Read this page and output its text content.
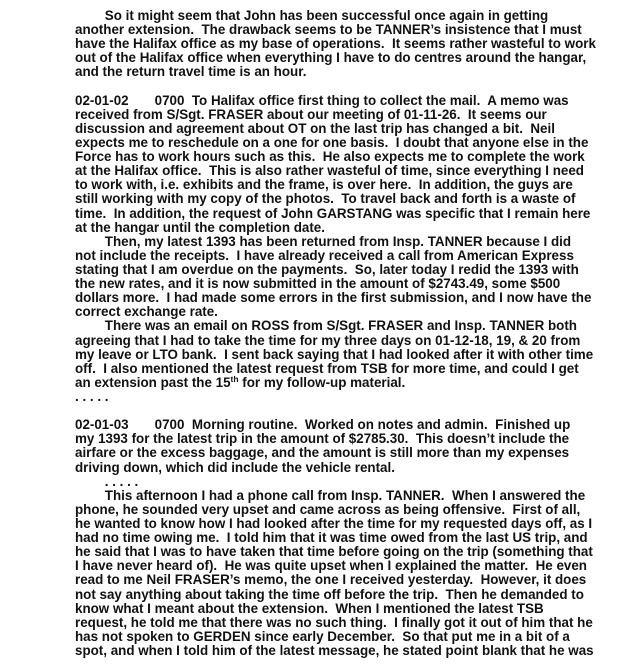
So it might seem that John has been successful once again in getting
another extension.  The drawback seems to be TANNER’s insistence that I must
have the Halifax office as my base of operations.  It seems rather wasteful to work
out of the Halifax office when everything I have to do centres around the hangar,
and the return travel time is an hour.
02-01-02       0700  To Halifax office first thing to collect the mail.  A memo was
received from S/Sgt. FRASER about our meeting of 01-11-26.  It seems our
discussion and agreement about OT on the last trip has changed a bit.  Neil
expects me to reschedule on a one for one basis.  I doubt that anyone else in the
Force has to work hours such as this.  He also expects me to complete the work
at the Halifax office.  This is also rather wasteful of time, since everything I need
to work with, i.e. exhibits and the frame, is over here.  In addition, the guys are
still working with my copy of the photos.  To travel back and forth is a waste of
time.  In addition, the request of John GARSTANG was specific that I remain here
at the hangar until the completion date.
Then, my latest 1393 has been returned from Insp. TANNER because I did
not include the receipts.  I have already received a call from American Express
stating that I am overdue on the payments.  So, later today I redid the 1393 with
the new rates, and it is now submitted in the amount of $2743.49, some $500
dollars more.  I had made some errors in the first submission, and I now have the
correct exchange rate.
There was an email on ROSS from S/Sgt. FRASER and Insp. TANNER both
agreeing that I had to take the time for my three days on 01-12-18, 19, & 20 from
my leave or LTO bank.  I sent back saying that I had looked after it with other time
off.  I also mentioned the latest request from TSB for more time, and could I get
an extension past the 15th for my follow-up material.
. . . . .
02-01-03       0700  Morning routine.  Worked on notes and admin.  Finished up
my 1393 for the latest trip in the amount of $2785.30.  This doesn’t include the
airfare or the excess baggage, and the amount is still more than my expenses
driving down, which did include the vehicle rental.
. . . . .
This afternoon I had a phone call from Insp. TANNER.  When I answered the
phone, he sounded very upset and came across as being offensive.  First of all,
he wanted to know how I had looked after the time for my requested days off, as I
had no time owing me.  I told him that it was time owed from the last US trip, and
he said that I was to have taken that time before going on the trip (something that
I have never heard of).  He was quite upset when I explained the matter.  He even
read to me Neil FRASER’s memo, the one I received yesterday.  However, it does
not say anything about taking the time off before the trip.  Then he demanded to
know what I meant about the extension.  When I mentioned the latest TSB
request, he told me that there was no such thing.  I finally got it out of him that he
has not spoken to GERDEN since early December.  So that put me in a bit of a
spot, and when I told him of the latest message, he stated point blank that he was
